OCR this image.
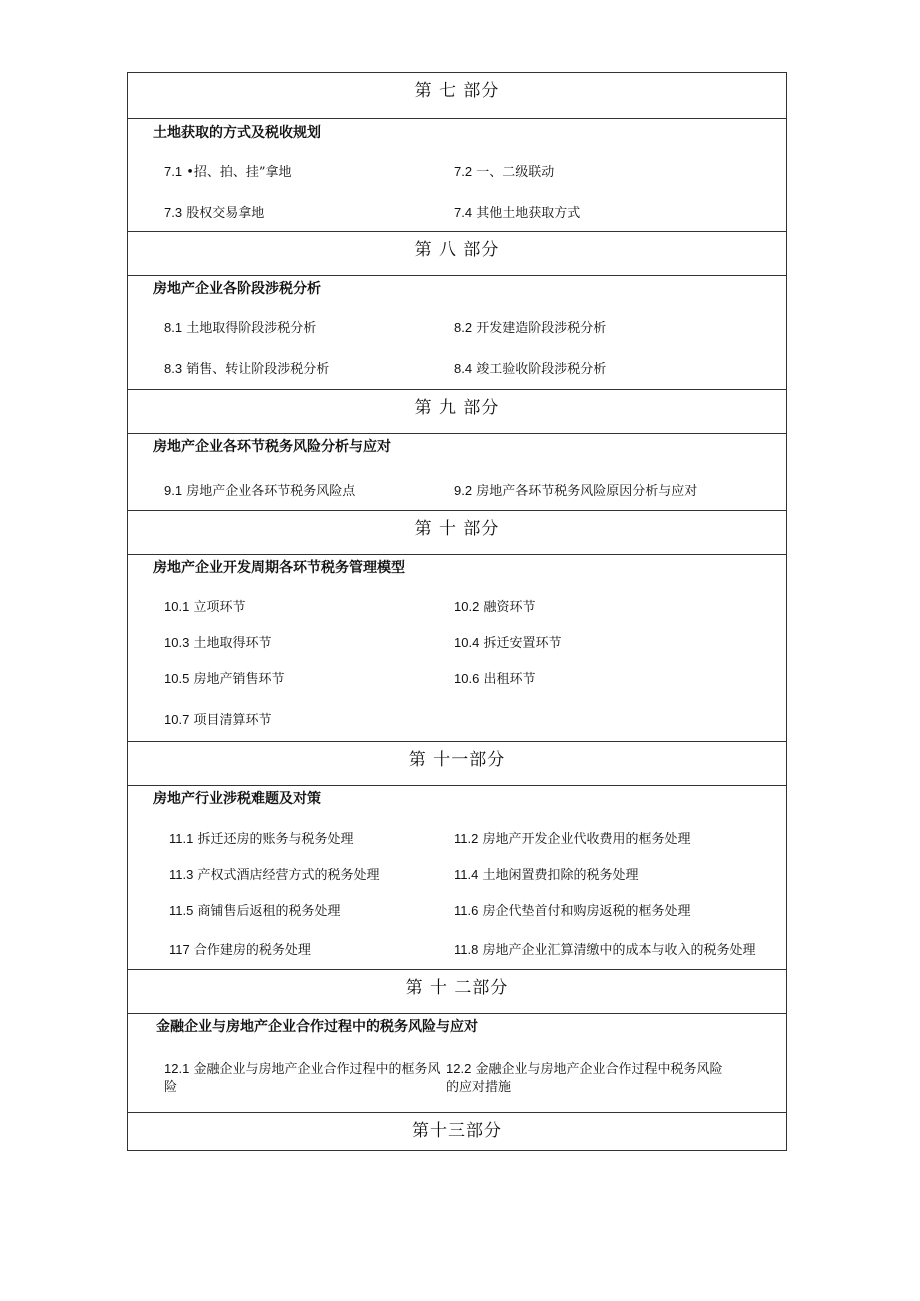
第 七 部分
土地获取的方式及税收规划
7.1 •招、拍、挂”拿地	7.2 一、二级联动
7.3 股权交易拿地	7.4 其他土地获取方式
第 八 部分
房地产企业各阶段涉税分析
8.1 土地取得阶段涉税分析	8.2 开发建造阶段涉税分析
8.3 销售、转让阶段涉税分析	8.4 竣工验收阶段涉税分析
第 九 部分
房地产企业各环节税务风险分析与应对
9.1 房地产企业各环节税务风险点	9.2 房地产各环节税务风险原因分析与应对
第 十 部分
房地产企业开发周期各环节税务管理模型
10.1 立项环节	10.2 融资环节
10.3 土地取得环节	10.4 拆迁安置环节
10.5 房地产销售环节	10.6 出租环节
10.7 项目清算环节
第 十一部分
房地产行业涉税难题及对策
11.1 拆迁还房的账务与税务处理	11.2 房地产开发企业代收费用的框务处理
11.3 产权式酒店经营方式的税务处理	11.4 土地闲置费扣除的税务处理
11.5 商铺售后返租的税务处理	11.6 房企代垫首付和购房返税的框务处理
117 合作建房的税务处理	11.8 房地产企业汇算清缴中的成本与收入的税务处理
第 十 二部分
金融企业与房地产企业合作过程中的税务风险与应对
12.1 金融企业与房地产企业合作过程中的框务风险
12.2 金融企业与房地产企业合作过程中税务风险的应对措施
第十三部分
